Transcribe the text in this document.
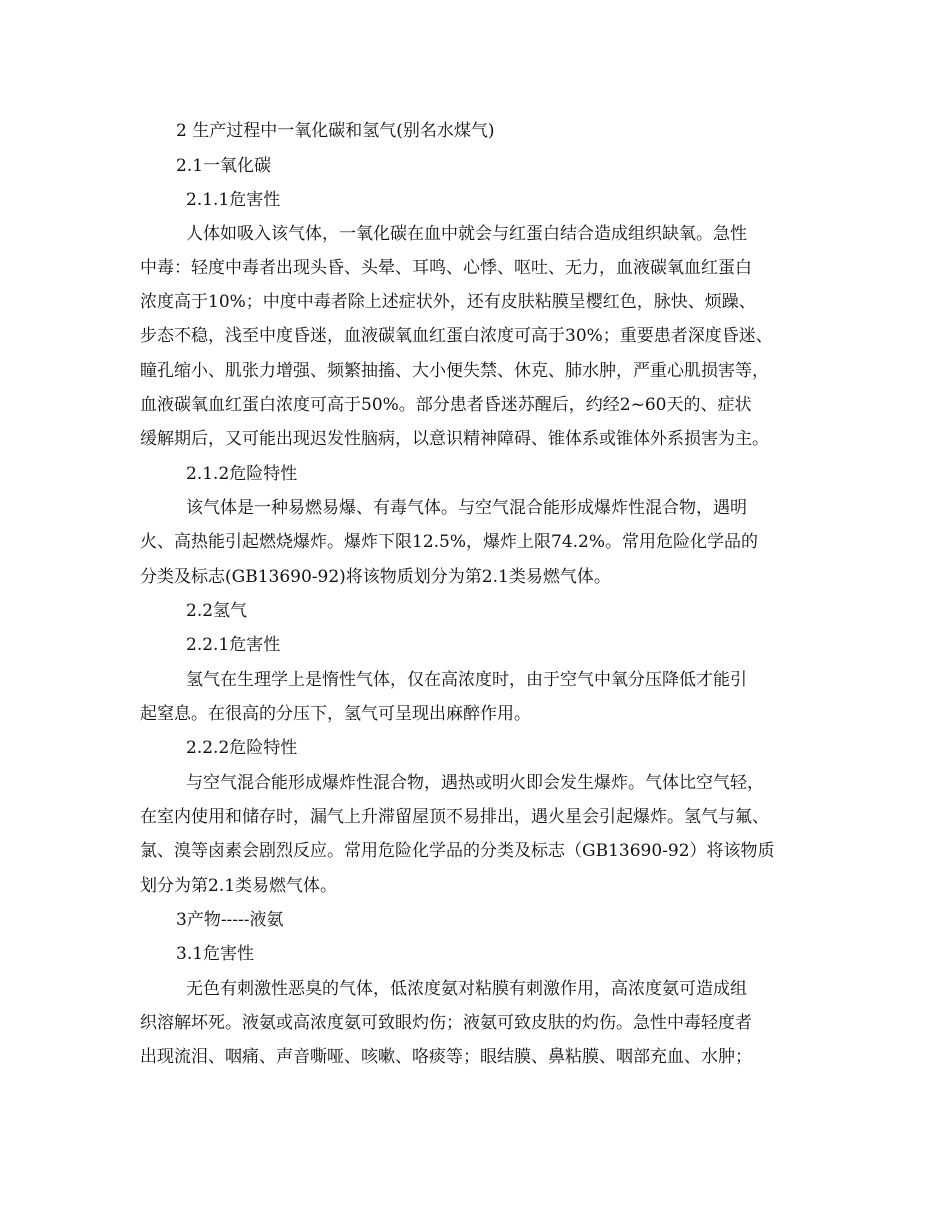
2 生产过程中一氧化碳和氢气(别名水煤气)

2.1一氧化碳

2.1.1危害性

人体如吸入该气体，一氧化碳在血中就会与红蛋白结合造成组织缺氧。急性

中毒：轻度中毒者出现头昏、头晕、耳鸣、心悸、呕吐、无力，血液碳氧血红蛋白

浓度高于10%；中度中毒者除上述症状外，还有皮肤粘膜呈樱红色，脉快、烦躁、

步态不稳，浅至中度昏迷，血液碳氧血红蛋白浓度可高于30%；重要患者深度昏迷、

瞳孔缩小、肌张力增强、频繁抽搐、大小便失禁、休克、肺水肿，严重心肌损害等，

血液碳氧血红蛋白浓度可高于50%。部分患者昏迷苏醒后，约经2~60天的、症状

缓解期后，又可能出现迟发性脑病，以意识精神障碍、锥体系或锥体外系损害为主。

2.1.2危险特性

该气体是一种易燃易爆、有毒气体。与空气混合能形成爆炸性混合物，遇明

火、高热能引起燃烧爆炸。爆炸下限12.5%，爆炸上限74.2%。常用危险化学品的

分类及标志(GB13690-92)将该物质划分为第2.1类易燃气体。

2.2氢气

2.2.1危害性

氢气在生理学上是惰性气体，仅在高浓度时，由于空气中氧分压降低才能引

起窒息。在很高的分压下，氢气可呈现出麻醉作用。

2.2.2危险特性

与空气混合能形成爆炸性混合物，遇热或明火即会发生爆炸。气体比空气轻，

在室内使用和储存时，漏气上升滞留屋顶不易排出，遇火星会引起爆炸。氢气与氟、

氯、溴等卤素会剧烈反应。常用危险化学品的分类及标志（GB13690-92）将该物质

划分为第2.1类易燃气体。

3产物-----液氨

3.1危害性

无色有刺激性恶臭的气体，低浓度氨对粘膜有刺激作用，高浓度氨可造成组

织溶解坏死。液氨或高浓度氨可致眼灼伤；液氨可致皮肤的灼伤。急性中毒轻度者

出现流泪、咽痛、声音嘶哑、咳嗽、咯痰等；眼结膜、鼻粘膜、咽部充血、水肿；
